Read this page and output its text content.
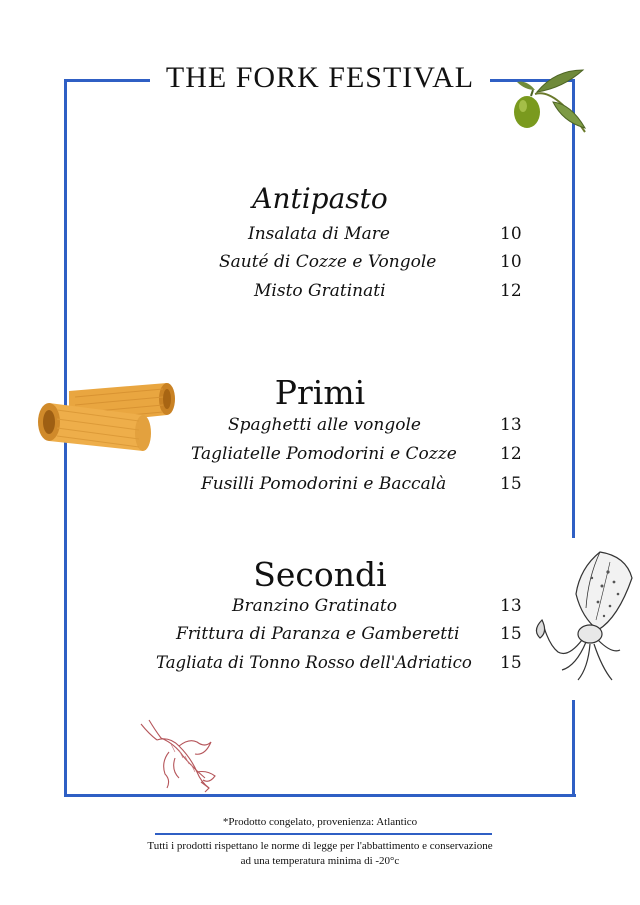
THE FORK FESTIVAL
Antipasto
Insalata di Mare	10
Sauté di Cozze e Vongole	10
Misto Gratinati	12
Primi
Spaghetti alle vongole	13
Tagliatelle Pomodorini e Cozze	12
Fusilli Pomodorini e Baccalà	15
Secondi
Branzino Gratinato	13
Frittura di Paranza e Gamberetti 15
Tagliata di Tonno Rosso dell'Adriatico 15
*Prodotto congelato, provenienza: Atlantico
Tutti i prodotti rispettano le norme di legge per l'abbattimento e conservazione
ad una temperatura minima di -20°c
